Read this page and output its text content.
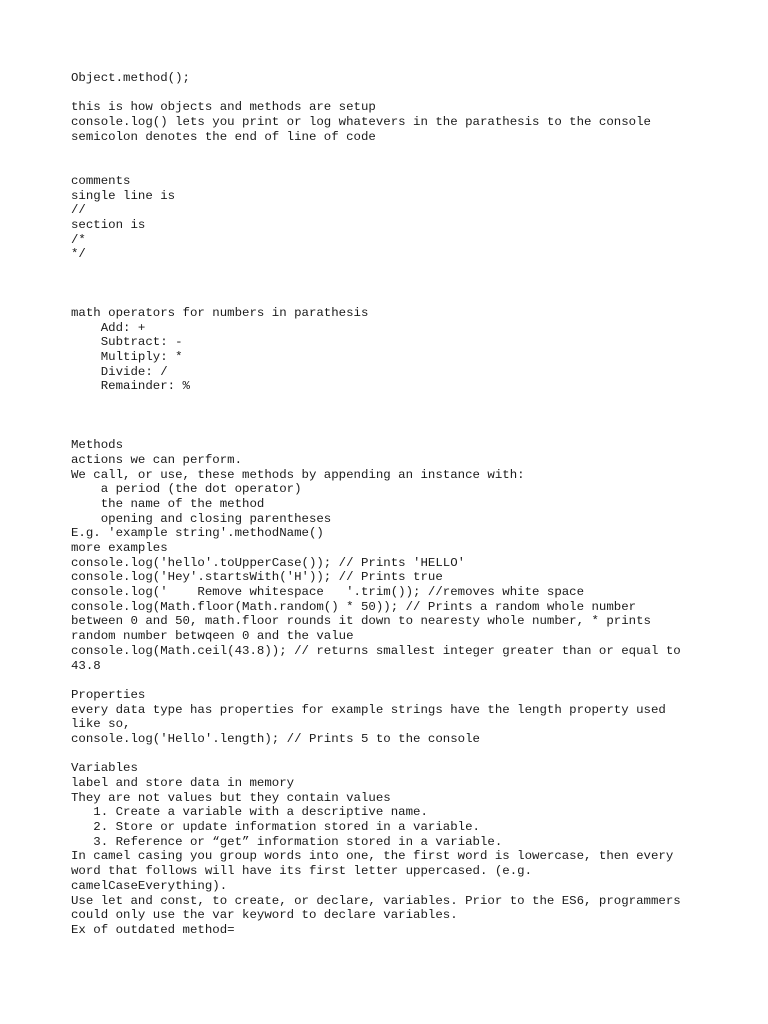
Object.method();
this is how objects and methods are setup
console.log() lets you print or log whatevers in the parathesis to the console
semicolon denotes the end of line of code
comments
single line is
//
section is
/*
*/
math operators for numbers in parathesis
Add: +
Subtract: -
Multiply: *
Divide: /
Remainder: %
Methods
actions we can perform.
We call, or use, these methods by appending an instance with:
a period (the dot operator)
the name of the method
opening and closing parentheses
E.g. 'example string'.methodName()
more examples
console.log('hello'.toUpperCase()); // Prints 'HELLO'
console.log('Hey'.startsWith('H')); // Prints true
console.log('    Remove whitespace   '.trim()); //removes white space
console.log(Math.floor(Math.random() * 50)); // Prints a random whole number
between 0 and 50, math.floor rounds it down to nearesty whole number, * prints
random number betwqeen 0 and the value
console.log(Math.ceil(43.8)); // returns smallest integer greater than or equal to
43.8
Properties
every data type has properties for example strings have the length property used
like so,
console.log('Hello'.length); // Prints 5 to the console
Variables
label and store data in memory
They are not values but they contain values
1. Create a variable with a descriptive name.
2. Store or update information stored in a variable.
3. Reference or “get” information stored in a variable.
In camel casing you group words into one, the first word is lowercase, then every
word that follows will have its first letter uppercased. (e.g.
camelCaseEverything).
Use let and const, to create, or declare, variables. Prior to the ES6, programmers
could only use the var keyword to declare variables.
Ex of outdated method=
